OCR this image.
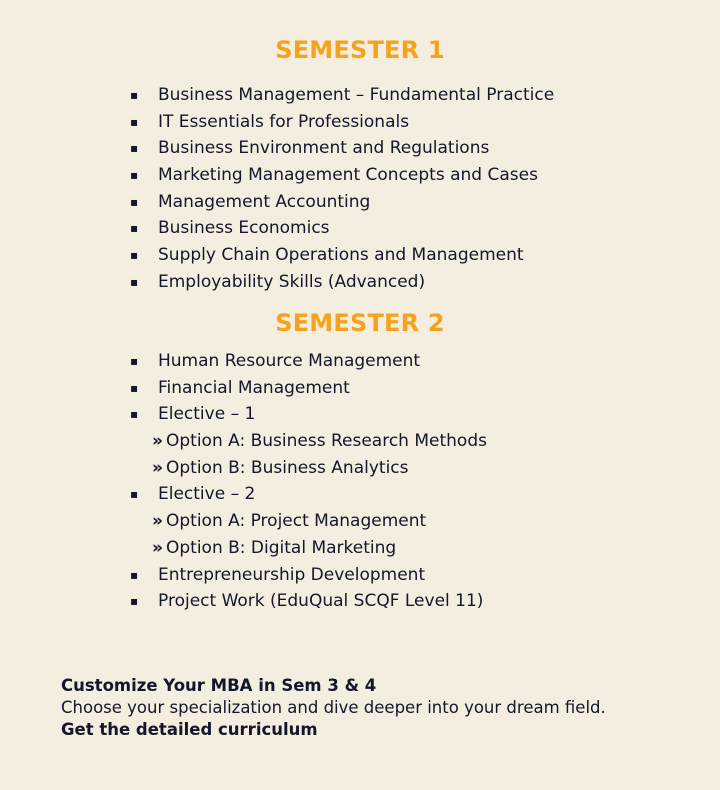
SEMESTER 1
▪ Business Management – Fundamental Practice
▪ IT Essentials for Professionals
▪ Business Environment and Regulations
▪ Marketing Management Concepts and Cases
▪ Management Accounting
▪ Business Economics
▪ Supply Chain Operations and Management
▪ Employability Skills (Advanced)
SEMESTER 2
▪ Human Resource Management
▪ Financial Management
▪ Elective – 1
» Option A: Business Research Methods
» Option B: Business Analytics
▪ Elective – 2
» Option A: Project Management
» Option B: Digital Marketing
▪ Entrepreneurship Development
▪ Project Work (EduQual SCQF Level 11)
Customize Your MBA in Sem 3 & 4
Choose your specialization and dive deeper into your dream field.
Get the detailed curriculum
